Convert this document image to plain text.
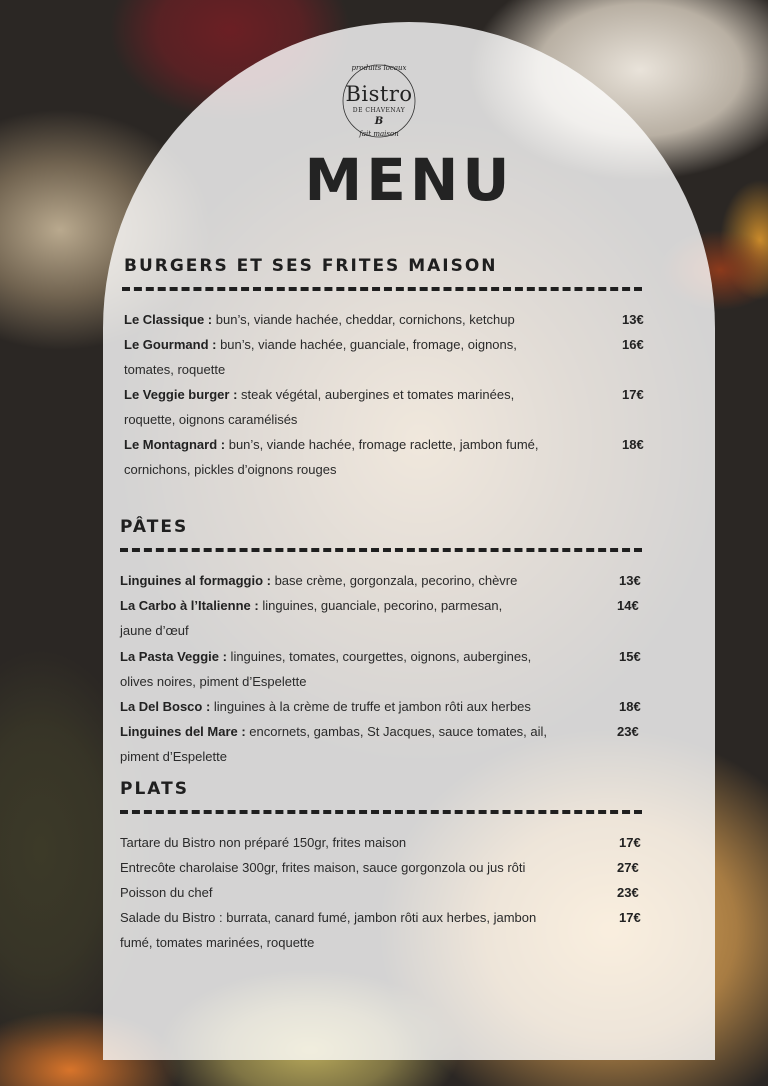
produits locaux
Bistro
DE CHAVENAY
B
fait maison
MENU
BURGERS ET SES FRITES MAISON
Le Classique : bun’s, viande hachée, cheddar, cornichons, ketchup	13€
Le Gourmand : bun’s, viande hachée, guanciale, fromage, oignons,
tomates, roquette
16€
Le Veggie burger : steak végétal, aubergines et tomates marinées,
roquette, oignons caramélisés
17€
Le Montagnard : bun’s, viande hachée, fromage raclette, jambon fumé,
cornichons, pickles d’oignons rouges
18€
PÂTES
Linguines al formaggio : base crème, gorgonzala, pecorino, chèvre	13€
La Carbo à l’Italienne : linguines, guanciale, pecorino, parmesan,
jaune d’œuf
14€
La Pasta Veggie : linguines, tomates, courgettes, oignons, aubergines,
olives noires, piment d’Espelette
15€
La Del Bosco : linguines à la crème de truffe et jambon rôti aux herbes	18€
Linguines del Mare : encornets, gambas, St Jacques, sauce tomates, ail,
piment d’Espelette
23€
PLATS
Tartare du Bistro non préparé 150gr, frites maison	17€
Entrecôte charolaise 300gr, frites maison, sauce gorgonzola ou jus rôti	27€
Poisson du chef	23€
Salade du Bistro : burrata, canard fumé, jambon rôti aux herbes, jambon
fumé, tomates marinées, roquette
17€
